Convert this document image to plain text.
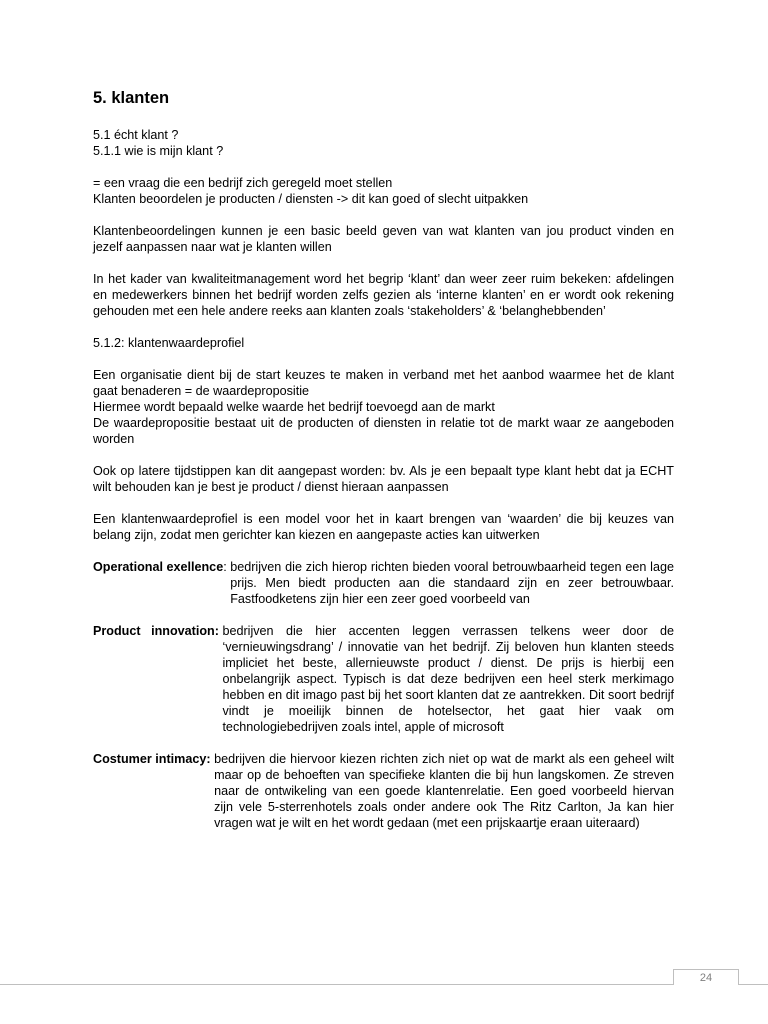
5. klanten

5.1 écht klant ?

5.1.1 wie is mijn klant ?

= een vraag die een bedrijf zich geregeld moet stellen

Klanten beoordelen je producten / diensten -> dit kan goed of slecht uitpakken

Klantenbeoordelingen kunnen je een basic beeld geven van wat klanten van jou product vinden en jezelf aanpassen naar wat je klanten willen

In het kader van kwaliteitmanagement word het begrip ‘klant’ dan weer zeer ruim bekeken: afdelingen en medewerkers binnen het bedrijf worden zelfs gezien als ‘interne klanten’ en er wordt ook rekening gehouden met een hele andere reeks aan klanten zoals ‘stakeholders’ & ‘belanghebbenden’

5.1.2: klantenwaardeprofiel

Een organisatie dient bij de start keuzes te maken in verband met het aanbod waarmee het de klant gaat benaderen = de waardepropositie

Hiermee wordt bepaald welke waarde het bedrijf toevoegd aan de markt

De waardepropositie bestaat uit de producten of diensten in relatie tot de markt waar ze aangeboden worden

Ook op latere tijdstippen kan dit aangepast worden: bv. Als je een bepaalt type klant hebt dat ja ECHT wilt behouden kan je best je product / dienst hieraan aanpassen

Een klantenwaardeprofiel is een model voor het in kaart brengen van ‘waarden’ die bij keuzes van belang zijn, zodat men gerichter kan kiezen en aangepaste acties kan uitwerken

Operational exellence : bedrijven die zich hierop richten bieden vooral betrouwbaarheid tegen een lage prijs. Men biedt producten aan die standaard zijn en zeer betrouwbaar. Fastfoodketens zijn hier een zeer goed voorbeeld van
Product innovation:
bedrijven die hier accenten leggen verrassen telkens weer door de ‘vernieuwingsdrang’ / innovatie van het bedrijf. Zij beloven hun klanten steeds impliciet het beste, allernieuwste product / dienst. De prijs is hierbij een onbelangrijk aspect. Typisch is dat deze bedrijven een heel sterk merkimago hebben en dit imago past bij het soort klanten dat ze aantrekken. Dit soort bedrijf vindt je moeilijk binnen de hotelsector, het gaat hier vaak om technologiebedrijven zoals intel, apple of microsoft
Costumer intimacy:
bedrijven die hiervoor kiezen richten zich niet op wat de markt als een geheel wilt maar op de behoeften van specifieke klanten die bij hun langskomen. Ze streven naar de ontwikeling van een goede klantenrelatie. Een goed voorbeeld hiervan zijn vele 5-sterrenhotels zoals onder andere ook The Ritz Carlton, Ja kan hier vragen wat je wilt en het wordt gedaan (met een prijskaartje eraan uiteraard)
24
